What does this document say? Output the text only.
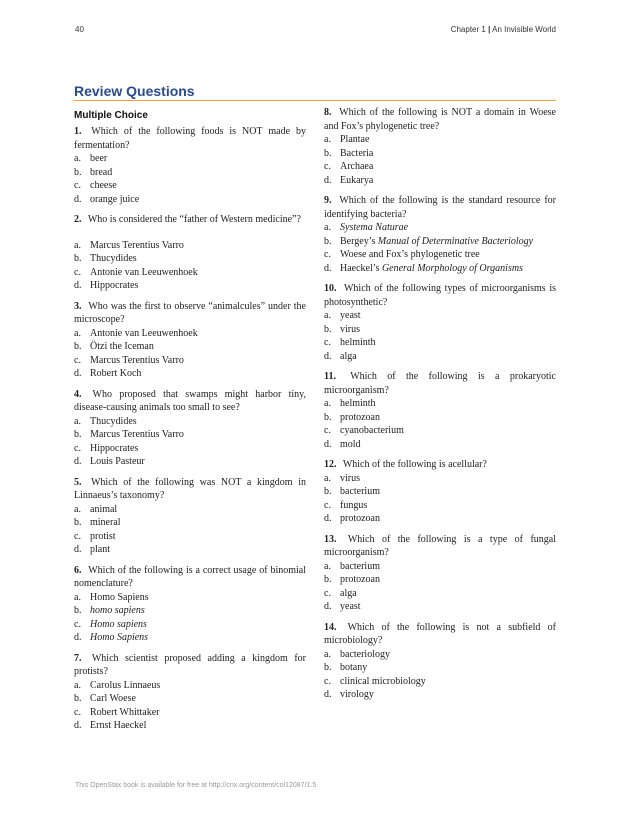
40	Chapter 1 | An Invisible World
Review Questions
Multiple Choice

1. Which of the following foods is NOT made by fermentation?

a. beer
b. bread
c. cheese
d. orange juice

2. Who is considered the “father of Western medicine”?

a. Marcus Terentius Varro
b. Thucydides
c. Antonie van Leeuwenhoek
d. Hippocrates

3. Who was the first to observe “animalcules” under the microscope?

a. Antonie van Leeuwenhoek
b. Ötzi the Iceman
c. Marcus Terentius Varro
d. Robert Koch

4. Who proposed that swamps might harbor tiny, disease-causing animals too small to see?

a. Thucydides
b. Marcus Terentius Varro
c. Hippocrates
d. Louis Pasteur

5. Which of the following was NOT a kingdom in Linnaeus’s taxonomy?

a. animal
b. mineral
c. protist
d. plant

6. Which of the following is a correct usage of binomial nomenclature?

a. Homo Sapiens
b. homo sapiens
c. Homo sapiens
d. Homo Sapiens

7. Which scientist proposed adding a kingdom for protists?

a. Carolus Linnaeus
b. Carl Woese
c. Robert Whittaker
d. Ernst Haeckel

8. Which of the following is NOT a domain in Woese and Fox’s phylogenetic tree?

a. Plantae
b. Bacteria
c. Archaea
d. Eukarya

9. Which of the following is the standard resource for identifying bacteria?

a. Systema Naturae
b. Bergey’s Manual of Determinative Bacteriology
c. Woese and Fox’s phylogenetic tree
d. Haeckel’s General Morphology of Organisms

10. Which of the following types of microorganisms is photosynthetic?

a. yeast
b. virus
c. helminth
d. alga

11. Which of the following is a prokaryotic microorganism?

a. helminth
b. protozoan
c. cyanobacterium
d. mold

12. Which of the following is acellular?

a. virus
b. bacterium
c. fungus
d. protozoan

13. Which of the following is a type of fungal microorganism?

a. bacterium
b. protozoan
c. alga
d. yeast

14. Which of the following is not a subfield of microbiology?

a. bacteriology
b. botany
c. clinical microbiology
d. virology
This OpenStax book is available for free at http://cnx.org/content/col12087/1.5
